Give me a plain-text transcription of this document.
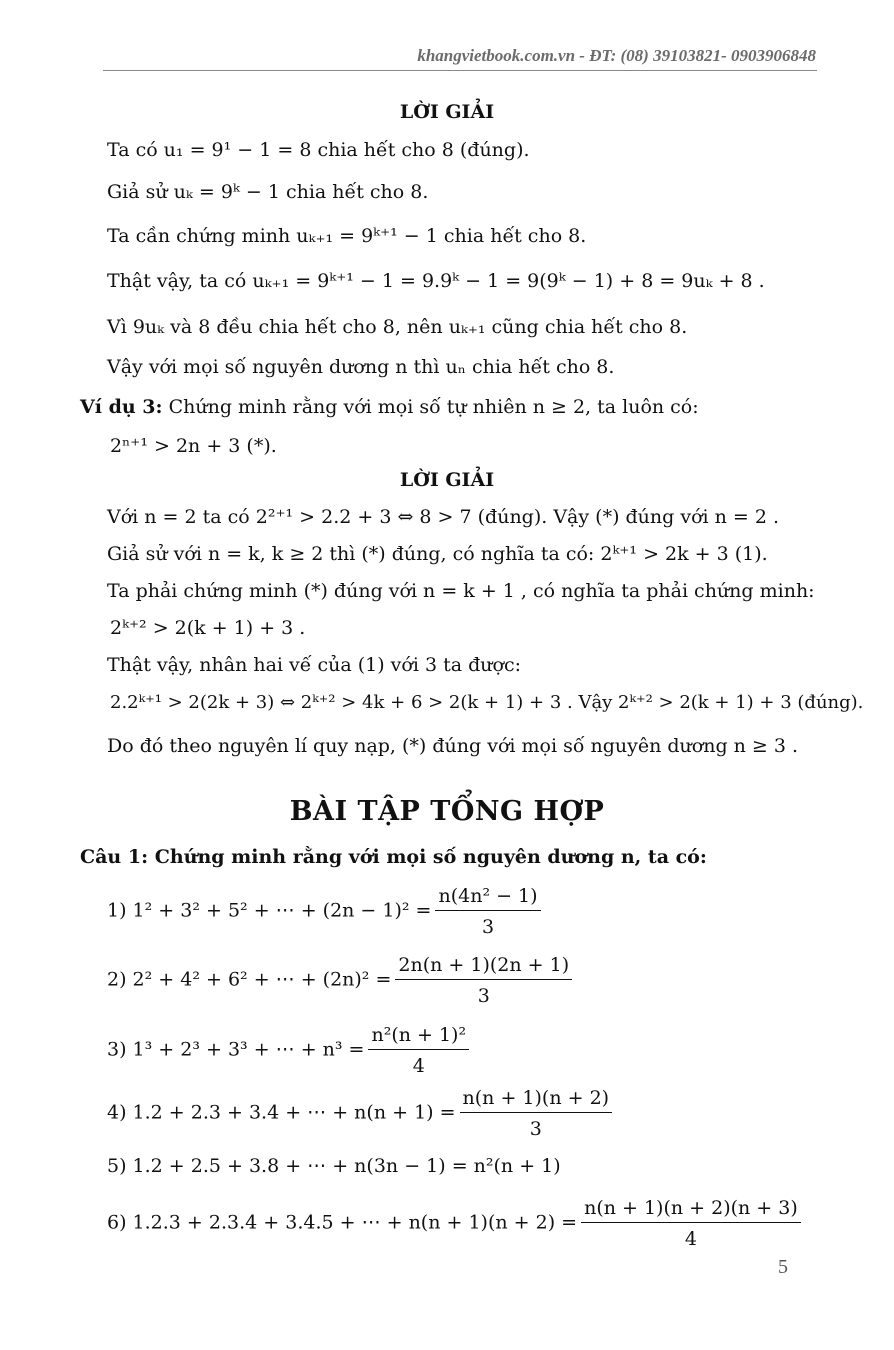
khangvietbook.com.vn - ĐT: (08) 39103821- 0903906848
LỜI GIẢI
Ta có u₁ = 9¹ − 1 = 8 chia hết cho 8 (đúng).
Giả sử uₖ = 9ᵏ − 1 chia hết cho 8.
Ta cần chứng minh uₖ₊₁ = 9ᵏ⁺¹ − 1 chia hết cho 8.
Thật vậy, ta có uₖ₊₁ = 9ᵏ⁺¹ − 1 = 9.9ᵏ − 1 = 9(9ᵏ − 1) + 8 = 9uₖ + 8 .
Vì 9uₖ và 8 đều chia hết cho 8, nên uₖ₊₁ cũng chia hết cho 8.
Vậy với mọi số nguyên dương n thì uₙ chia hết cho 8.
Ví dụ 3: Chứng minh rằng với mọi số tự nhiên n ≥ 2, ta luôn có:
2ⁿ⁺¹ > 2n + 3 (*).
LỜI GIẢI
Với n = 2 ta có 2²⁺¹ > 2.2 + 3 ⇔ 8 > 7 (đúng). Vậy (*) đúng với n = 2 .
Giả sử với n = k, k ≥ 2 thì (*) đúng, có nghĩa ta có: 2ᵏ⁺¹ > 2k + 3 (1).
Ta phải chứng minh (*) đúng với n = k + 1 , có nghĩa ta phải chứng minh:
2ᵏ⁺² > 2(k + 1) + 3 .
Thật vậy, nhân hai vế của (1) với 3 ta được:
2.2ᵏ⁺¹ > 2(2k + 3) ⇔ 2ᵏ⁺² > 4k + 6 > 2(k + 1) + 3 . Vậy 2ᵏ⁺² > 2(k + 1) + 3 (đúng).
Do đó theo nguyên lí quy nạp, (*) đúng với mọi số nguyên dương n ≥ 3 .
BÀI TẬP TỔNG HỢP
Câu 1: Chứng minh rằng với mọi số nguyên dương n, ta có:
1) 1² + 3² + 5² + ⋯ + $(2n - 1)^2 = \frac{\text{n(4n² − 1)}}{3}$
2) 2² + 4² + 6² + ⋯ + $(2n)^2 = \frac{2n(n + 1)(2n + 1)}{3}$
3) 1³ + 2³ + 3³ + ⋯ + $n^3 = \frac{\text{n²(n + 1)²}}{4}$
4) 1.2 + 2.3 + 3.4 + ⋯ + $n(n + 1) = \frac{n(n + 1)(n + 2)}{3}$
5) 1.2 + 2.5 + 3.8 + ⋯ + n(3n − 1) = n²(n + 1)
6) 1.2.3 + 2.3.4 + 3.4.5 + ⋯ + $n(n + 1)(n + 2) = \frac{n(n + 1)(n + 2)(n + 3)}{4}$
5
